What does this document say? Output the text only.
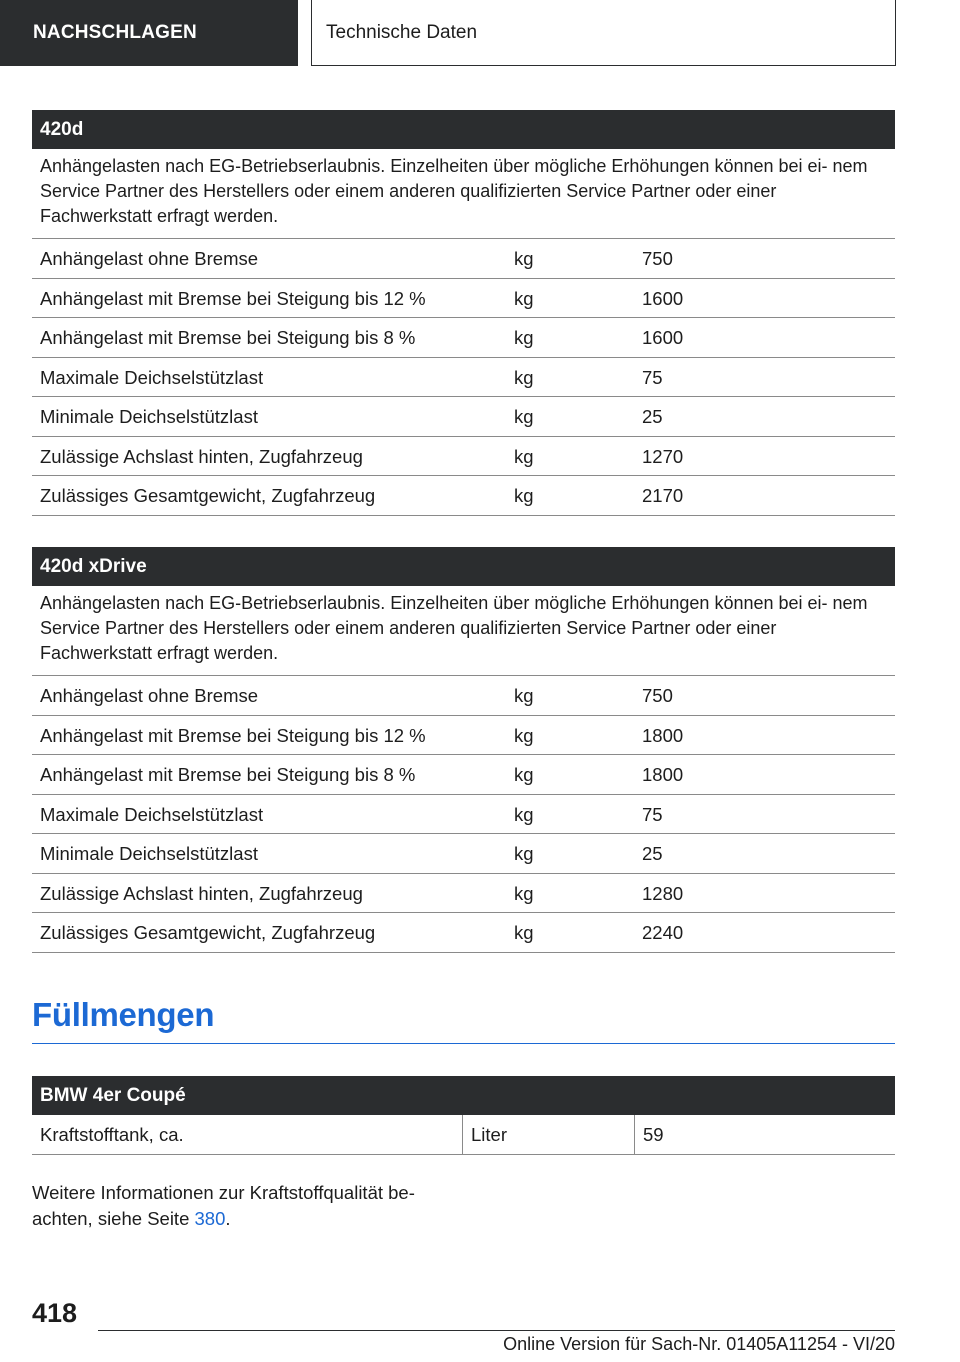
NACHSCHLAGEN	Technische Daten
420d
Anhängelasten nach EG-Betriebserlaubnis. Einzelheiten über mögliche Erhöhungen können bei ei- nem Service Partner des Herstellers oder einem anderen qualifizierten Service Partner oder einer Fachwerkstatt erfragt werden.
Anhängelast ohne Bremse	kg	750
Anhängelast mit Bremse bei Steigung bis 12 %	kg	1600
Anhängelast mit Bremse bei Steigung bis 8 %	kg	1600
Maximale Deichselstützlast	kg	75
Minimale Deichselstützlast	kg	25
Zulässige Achslast hinten, Zugfahrzeug	kg	1270
Zulässiges Gesamtgewicht, Zugfahrzeug	kg	2170
420d xDrive
Anhängelasten nach EG-Betriebserlaubnis. Einzelheiten über mögliche Erhöhungen können bei ei- nem Service Partner des Herstellers oder einem anderen qualifizierten Service Partner oder einer Fachwerkstatt erfragt werden.
Anhängelast ohne Bremse	kg	750
Anhängelast mit Bremse bei Steigung bis 12 %	kg	1800
Anhängelast mit Bremse bei Steigung bis 8 %	kg	1800
Maximale Deichselstützlast	kg	75
Minimale Deichselstützlast	kg	25
Zulässige Achslast hinten, Zugfahrzeug	kg	1280
Zulässiges Gesamtgewicht, Zugfahrzeug	kg	2240
Füllmengen
BMW 4er Coupé
Kraftstofftank, ca.	Liter	59
Weitere Informationen zur Kraftstoffqualität be- achten, siehe Seite 380.
418
Online Version für Sach-Nr. 01405A11254 - VI/20
